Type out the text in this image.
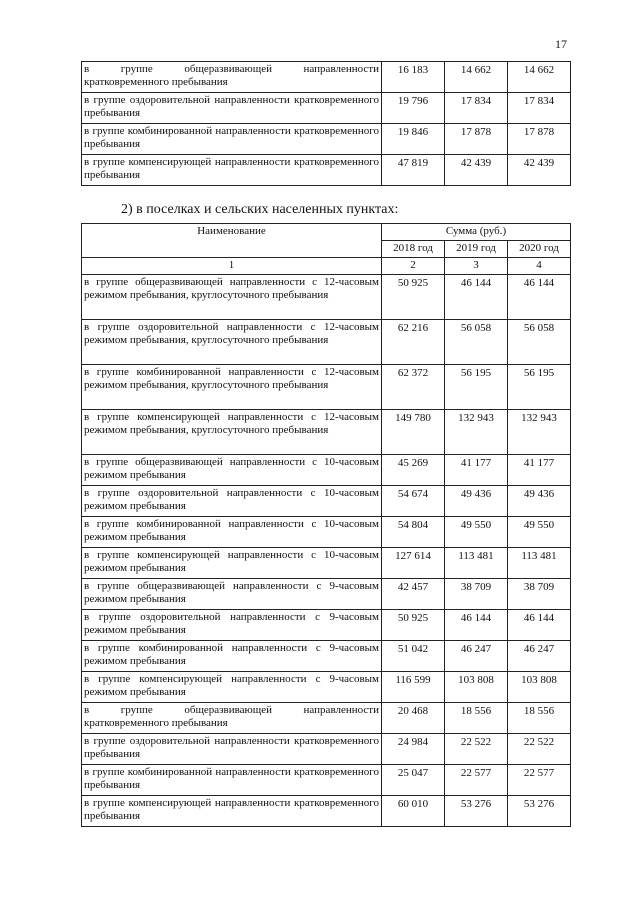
17
в группе общеразвивающей направленности кратковременного пребывания	16 183	14 662	14 662
в группе оздоровительной направленности кратковременного пребывания	19 796	17 834	17 834
в группе комбинированной направленности кратковременного пребывания	19 846	17 878	17 878
в группе компенсирующей направленности кратковременного пребывания	47 819	42 439	42 439
2) в поселках и сельских населенных пунктах:
Наименование	Сумма (руб.)		
	2018 год	2019 год	2020 год
1	2	3	4
в группе общеразвивающей направленности с 12-часовым режимом пребывания, круглосуточного пребывания	50 925	46 144	46 144
в группе оздоровительной направленности с 12-часовым режимом пребывания, круглосуточного пребывания	62 216	56 058	56 058
в группе комбинированной направленности с 12-часовым режимом пребывания, круглосуточного пребывания	62 372	56 195	56 195
в группе компенсирующей направленности с 12-часовым режимом пребывания, круглосуточного пребывания	149 780	132 943	132 943
в группе общеразвивающей направленности с 10-часовым режимом пребывания	45 269	41 177	41 177
в группе оздоровительной направленности с 10-часовым режимом пребывания	54 674	49 436	49 436
в группе комбинированной направленности с 10-часовым режимом пребывания	54 804	49 550	49 550
в группе компенсирующей направленности с 10-часовым режимом пребывания	127 614	113 481	113 481
в группе общеразвивающей направленности с 9-часовым режимом пребывания	42 457	38 709	38 709
в группе оздоровительной направленности с 9-часовым режимом пребывания	50 925	46 144	46 144
в группе комбинированной направленности с 9-часовым режимом пребывания	51 042	46 247	46 247
в группе компенсирующей направленности с 9-часовым режимом пребывания	116 599	103 808	103 808
в группе общеразвивающей направленности кратковременного пребывания	20 468	18 556	18 556
в группе оздоровительной направленности кратковременного пребывания	24 984	22 522	22 522
в группе комбинированной направленности кратковременного пребывания	25 047	22 577	22 577
в группе компенсирующей направленности кратковременного пребывания	60 010	53 276	53 276
